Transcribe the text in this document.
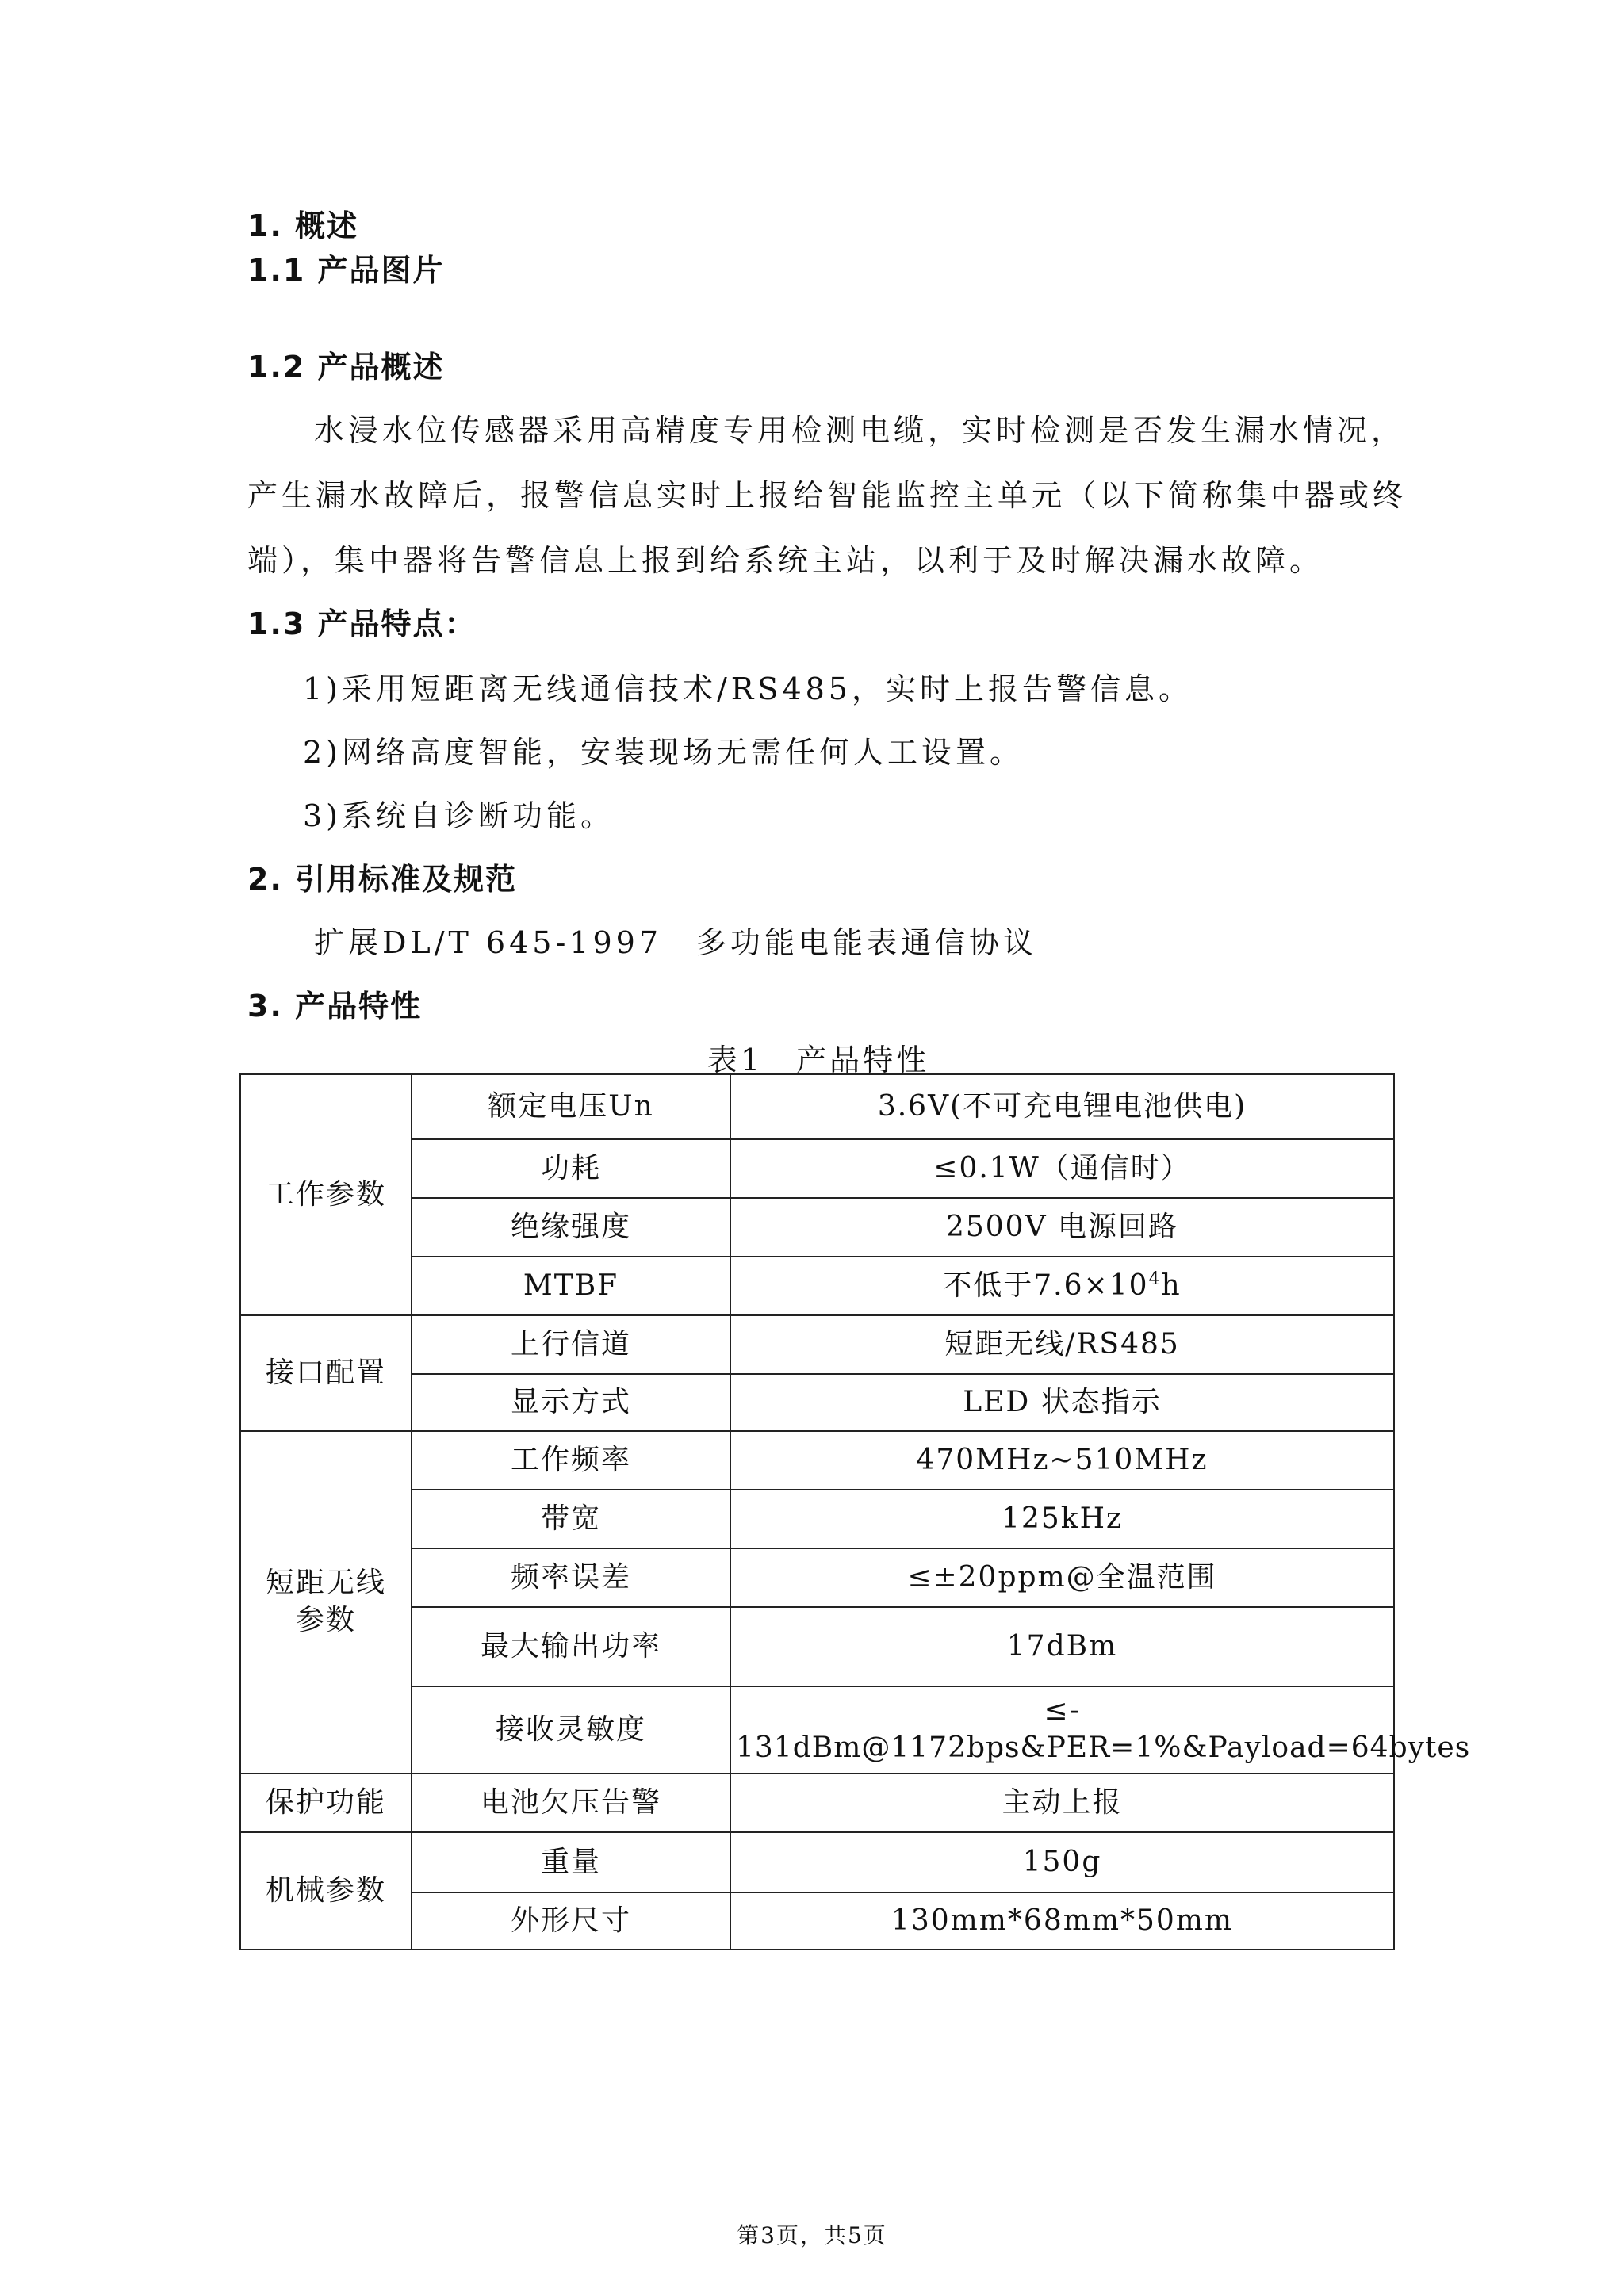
1. 概述
1.1 产品图片
1.2 产品概述
水浸水位传感器采用高精度专用检测电缆，实时检测是否发生漏水情况，
产生漏水故障后，报警信息实时上报给智能监控主单元（以下简称集中器或终
端），集中器将告警信息上报到给系统主站，以利于及时解决漏水故障。
1.3 产品特点：
1)采用短距离无线通信技术/RS485，实时上报告警信息。
2)网络高度智能，安装现场无需任何人工设置。
3)系统自诊断功能。
2. 引用标准及规范
扩展DL/T 645-1997　多功能电能表通信协议
3. 产品特性
表1　产品特性
工作参数	额定电压Un	3.6V(不可充电锂电池供电)
	功耗	≤0.1W（通信时）
	绝缘强度	2500V 电源回路
	MTBF	不低于$7.6\times 10^4h$
接口配置	上行信道	短距无线/RS485
	显示方式	LED 状态指示

短距无线
参数	工作频率	470MHz~510MHz
	带宽	125kHz
	频率误差	≤±20ppm@全温范围
	最大输出功率	17dBm
	接收灵敏度	≤-
131dBm@1172bps&PER=1%&Payload=64bytes

保护功能	电池欠压告警	主动上报
机械参数	重量	150g
	外形尺寸	130mm*68mm*50mm
第3页，共5页
